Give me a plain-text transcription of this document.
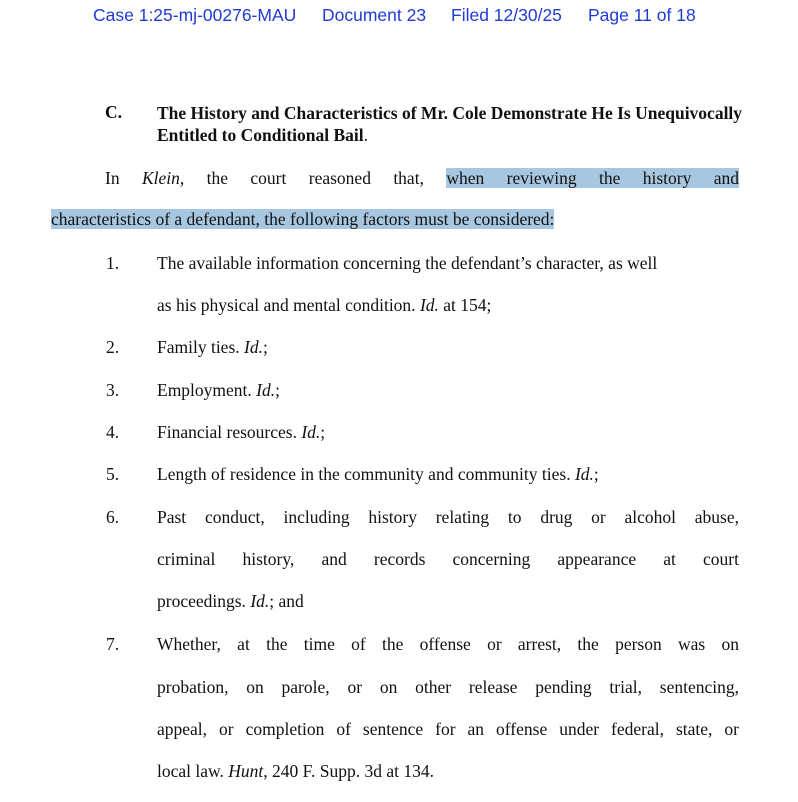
Case 1:25-mj-00276-MAU Document 23 Filed 12/30/25 Page 11 of 18
C. The History and Characteristics of Mr. Cole Demonstrate He Is Unequivocally Entitled to Conditional Bail.
In Klein, the court reasoned that, when reviewing the history and
characteristics of a defendant, the following factors must be considered:
1. The available information concerning the defendant’s character, as well
as his physical and mental condition. Id. at 154;
2. Family ties. Id.;
3. Employment. Id.;
4. Financial resources. Id.;
5. Length of residence in the community and community ties. Id.;
6. Past conduct, including history relating to drug or alcohol abuse,
criminal history, and records concerning appearance at court
proceedings. Id.; and
7. Whether, at the time of the offense or arrest, the person was on
probation, on parole, or on other release pending trial, sentencing,
appeal, or completion of sentence for an offense under federal, state, or
local law. Hunt, 240 F. Supp. 3d at 134.
